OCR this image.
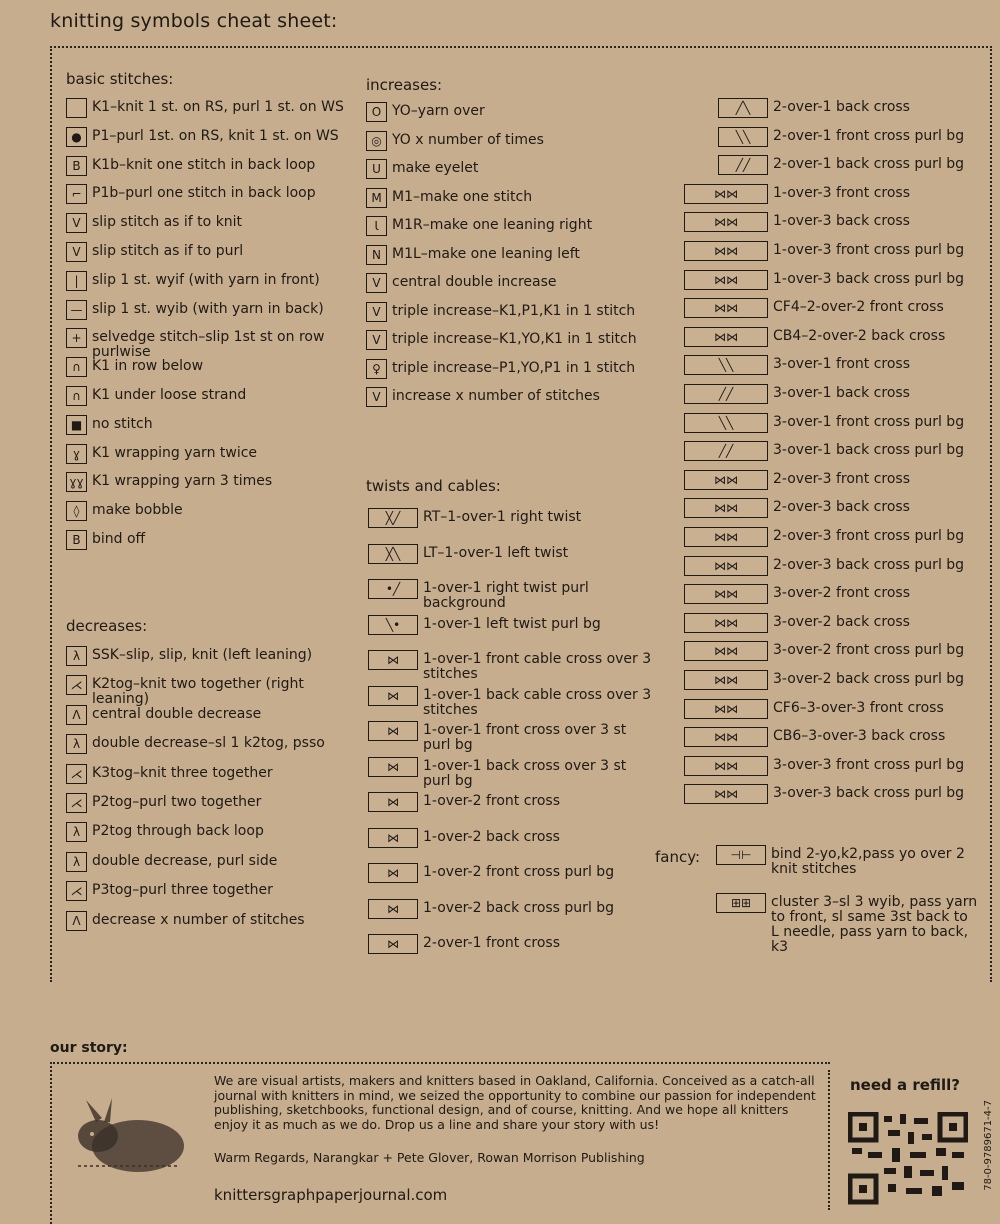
knitting symbols cheat sheet:
basic stitches:	increases:
decreases:
twists and cables:
fancy:
K1–knit 1 st. on RS, purl 1 st. on WS
● P1–purl 1st. on RS, knit 1 st. on WS
B K1b–knit one stitch in back loop
⌐ P1b–purl one stitch in back loop
V slip stitch as if to knit
V slip stitch as if to purl
| slip 1 st. wyif (with yarn in front)
— slip 1 st. wyib (with yarn in back)
+ selvedge stitch–slip 1st st on row purlwise
∩ K1 in row below
∩ K1 under loose strand
■ no stitch
ɣ K1 wrapping yarn twice
ɣɣ K1 wrapping yarn 3 times
◊ make bobble
B bind off
O YO–yarn over
◎ YO x number of times
U make eyelet
M M1–make one stitch
Ɩ M1R–make one leaning right
N M1L–make one leaning left
V central double increase
V triple increase–K1,P1,K1 in 1 stitch
V triple increase–K1,YO,K1 in 1 stitch
♀ triple increase–P1,YO,P1 in 1 stitch
V increase x number of stitches
λ SSK–slip, slip, knit (left leaning)
⋌ K2tog–knit two together (right leaning)
Λ central double decrease
λ double decrease–sl 1 k2tog, psso
⋌ K3tog–knit three together
⋌ P2tog–purl two together
λ P2tog through back loop
λ double decrease, purl side
⋌ P3tog–purl three together
Λ decrease x number of stitches
╳╱	RT–1-over-1 right twist
╳╲	LT–1-over-1 left twist
•╱	1-over-1 right twist purl background
╲•	1-over-1 left twist purl bg
⋈	1-over-1 front cable cross over 3 stitches
⋈	1-over-1 back cable cross over 3 stitches
⋈	1-over-1 front cross over 3 st purl bg
⋈	1-over-1 back cross over 3 st purl bg
⋈	1-over-2 front cross
⋈	1-over-2 back cross
⋈	1-over-2 front cross purl bg
⋈	1-over-2 back cross purl bg
⋈	2-over-1 front cross
╱╲	2-over-1 back cross
╲╲	2-over-1 front cross purl bg
╱╱	2-over-1 back cross purl bg
⋈⋈	1-over-3 front cross
⋈⋈	1-over-3 back cross
⋈⋈	1-over-3 front cross purl bg
⋈⋈	1-over-3 back cross purl bg
⋈⋈	CF4–2-over-2 front cross
⋈⋈	CB4–2-over-2 back cross
╲╲	3-over-1 front cross
╱╱	3-over-1 back cross
╲╲	3-over-1 front cross purl bg
╱╱	3-over-1 back cross purl bg
⋈⋈	2-over-3 front cross
⋈⋈	2-over-3 back cross
⋈⋈	2-over-3 front cross purl bg
⋈⋈	2-over-3 back cross purl bg
⋈⋈	3-over-2 front cross
⋈⋈	3-over-2 back cross
⋈⋈	3-over-2 front cross purl bg
⋈⋈	3-over-2 back cross purl bg
⋈⋈	CF6–3-over-3 front cross
⋈⋈	CB6–3-over-3 back cross
⋈⋈	3-over-3 front cross purl bg
⋈⋈	3-over-3 back cross purl bg
⊣⊢	bind 2-yo,k2,pass yo over 2 knit stitches
⊞⊞	cluster 3–sl 3 wyib, pass yarn to front, sl same 3st back to L needle, pass yarn to back, k3
our story:
We are visual artists, makers and knitters based in Oakland, California. Conceived as a catch-all journal with knitters in mind, we seized the opportunity to combine our passion for independent publishing, sketchbooks, functional design, and of course, knitting. And we hope all knitters enjoy it as much as we do. Drop us a line and share your story with us!
Warm Regards, Narangkar + Pete Glover, Rowan Morrison Publishing
knittersgraphpaperjournal.com
need a refill?
78-0-9789671-4-7
